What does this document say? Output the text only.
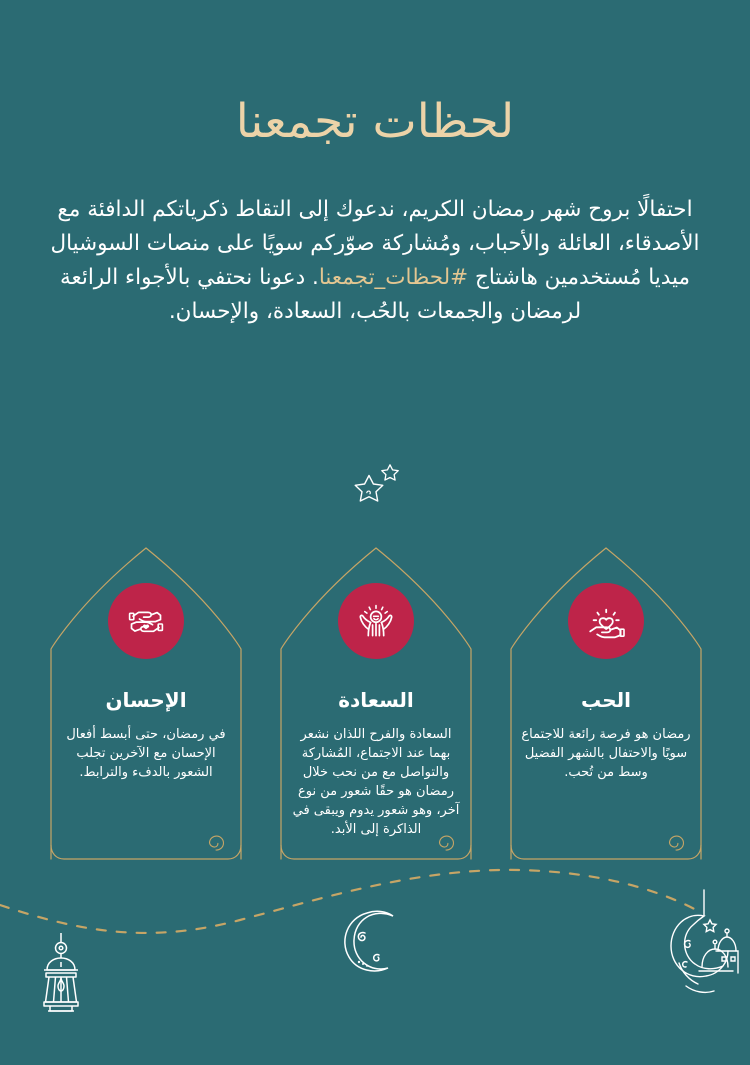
لحظات تجمعنا
احتفالًا بروح شهر رمضان الكريم، ندعوك إلى التقاط ذكرياتكم الدافئة مع الأصدقاء، العائلة والأحباب، ومُشاركة صوّركم سويًا على منصات السوشيال ميديا مُستخدمين هاشتاج #لحظات_تجمعنا. دعونا نحتفي بالأجواء الرائعة لرمضان والجمعات بالحُب، السعادة، والإحسان.
الإحسان
في رمضان، حتى أبسط أفعال الإحسان مع الآخرين تجلب الشعور بالدفء والترابط.
السعادة
السعادة والفرح اللذان نشعر بهما عند الاجتماع، المُشاركة والتواصل مع من نحب خلال رمضان هو حقًا شعور من نوع آخر، وهو شعور يدوم ويبقى في الذاكرة إلى الأبد.
الحب
رمضان هو فرصة رائعة للاجتماع سويًا والاحتفال بالشهر الفضيل وسط من تُحب.
